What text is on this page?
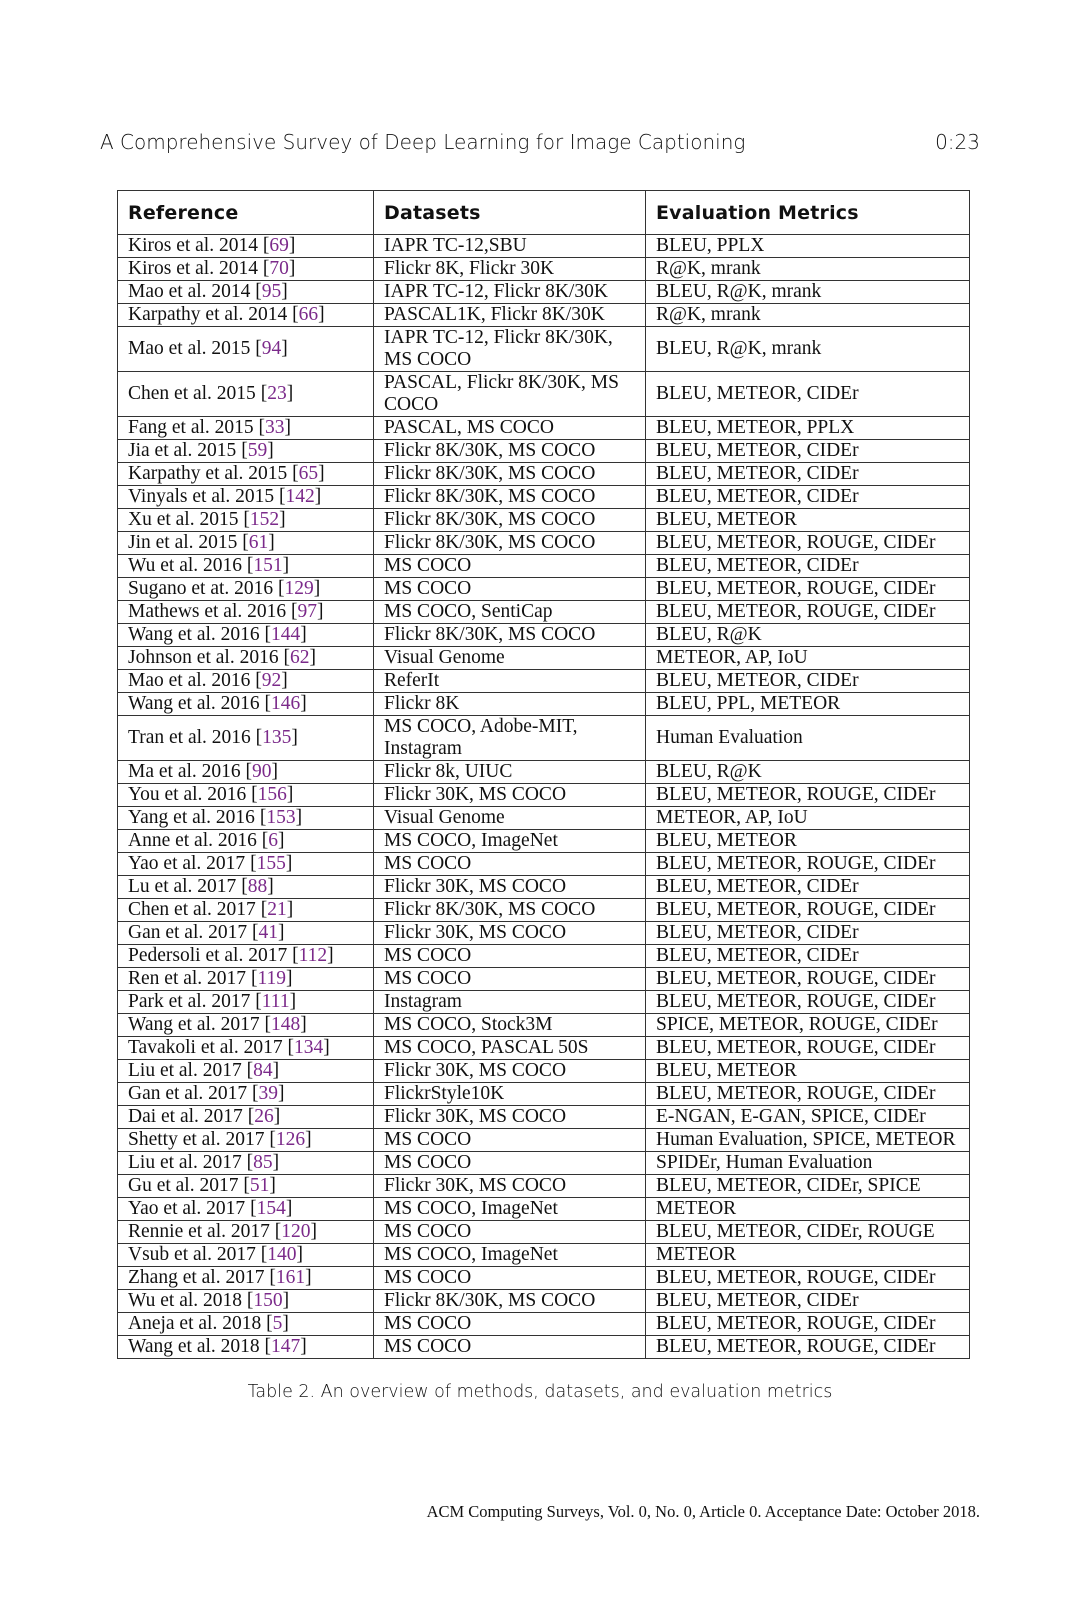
A Comprehensive Survey of Deep Learning for Image Captioning	0:23
Reference	Datasets	Evaluation Metrics
Kiros et al. 2014 [69]	IAPR TC-12,SBU	BLEU, PPLX
Kiros et al. 2014 [70]	Flickr 8K, Flickr 30K	R@K, mrank
Mao et al. 2014 [95]	IAPR TC-12, Flickr 8K/30K	BLEU, R@K, mrank
Karpathy et al. 2014 [66]	PASCAL1K, Flickr 8K/30K	R@K, mrank
Mao et al. 2015 [94]	IAPR TC-12, Flickr 8K/30K, MS COCO	BLEU, R@K, mrank
Chen et al. 2015 [23]	PASCAL, Flickr 8K/30K, MS COCO	BLEU, METEOR, CIDEr
Fang et al. 2015 [33]	PASCAL, MS COCO	BLEU, METEOR, PPLX
Jia et al. 2015 [59]	Flickr 8K/30K, MS COCO	BLEU, METEOR, CIDEr
Karpathy et al. 2015 [65]	Flickr 8K/30K, MS COCO	BLEU, METEOR, CIDEr
Vinyals et al. 2015 [142]	Flickr 8K/30K, MS COCO	BLEU, METEOR, CIDEr
Xu et al. 2015 [152]	Flickr 8K/30K, MS COCO	BLEU, METEOR
Jin et al. 2015 [61]	Flickr 8K/30K, MS COCO	BLEU, METEOR, ROUGE, CIDEr
Wu et al. 2016 [151]	MS COCO	BLEU, METEOR, CIDEr
Sugano et at. 2016 [129]	MS COCO	BLEU, METEOR, ROUGE, CIDEr
Mathews et al. 2016 [97]	MS COCO, SentiCap	BLEU, METEOR, ROUGE, CIDEr
Wang et al. 2016 [144]	Flickr 8K/30K, MS COCO	BLEU, R@K
Johnson et al. 2016 [62]	Visual Genome	METEOR, AP, IoU
Mao et al. 2016 [92]	ReferIt	BLEU, METEOR, CIDEr
Wang et al. 2016 [146]	Flickr 8K	BLEU, PPL, METEOR
Tran et al. 2016 [135]	MS COCO, Adobe-MIT, Instagram	Human Evaluation
Ma et al. 2016 [90]	Flickr 8k, UIUC	BLEU, R@K
You et al. 2016 [156]	Flickr 30K, MS COCO	BLEU, METEOR, ROUGE, CIDEr
Yang et al. 2016 [153]	Visual Genome	METEOR, AP, IoU
Anne et al. 2016 [6]	MS COCO, ImageNet	BLEU, METEOR
Yao et al. 2017 [155]	MS COCO	BLEU, METEOR, ROUGE, CIDEr
Lu et al. 2017 [88]	Flickr 30K, MS COCO	BLEU, METEOR, CIDEr
Chen et al. 2017 [21]	Flickr 8K/30K, MS COCO	BLEU, METEOR, ROUGE, CIDEr
Gan et al. 2017 [41]	Flickr 30K, MS COCO	BLEU, METEOR, CIDEr
Pedersoli et al. 2017 [112]	MS COCO	BLEU, METEOR, CIDEr
Ren et al. 2017 [119]	MS COCO	BLEU, METEOR, ROUGE, CIDEr
Park et al. 2017 [111]	Instagram	BLEU, METEOR, ROUGE, CIDEr
Wang et al. 2017 [148]	MS COCO, Stock3M	SPICE, METEOR, ROUGE, CIDEr
Tavakoli et al. 2017 [134]	MS COCO, PASCAL 50S	BLEU, METEOR, ROUGE, CIDEr
Liu et al. 2017 [84]	Flickr 30K, MS COCO	BLEU, METEOR
Gan et al. 2017 [39]	FlickrStyle10K	BLEU, METEOR, ROUGE, CIDEr
Dai et al. 2017 [26]	Flickr 30K, MS COCO	E-NGAN, E-GAN, SPICE, CIDEr
Shetty et al. 2017 [126]	MS COCO	Human Evaluation, SPICE, METEOR
Liu et al. 2017 [85]	MS COCO	SPIDEr, Human Evaluation
Gu et al. 2017 [51]	Flickr 30K, MS COCO	BLEU, METEOR, CIDEr, SPICE
Yao et al. 2017 [154]	MS COCO, ImageNet	METEOR
Rennie et al. 2017 [120]	MS COCO	BLEU, METEOR, CIDEr, ROUGE
Vsub et al. 2017 [140]	MS COCO, ImageNet	METEOR
Zhang et al. 2017 [161]	MS COCO	BLEU, METEOR, ROUGE, CIDEr
Wu et al. 2018 [150]	Flickr 8K/30K, MS COCO	BLEU, METEOR, CIDEr
Aneja et al. 2018 [5]	MS COCO	BLEU, METEOR, ROUGE, CIDEr
Wang et al. 2018 [147]	MS COCO	BLEU, METEOR, ROUGE, CIDEr
Table 2. An overview of methods, datasets, and evaluation metrics
ACM Computing Surveys, Vol. 0, No. 0, Article 0. Acceptance Date: October 2018.
